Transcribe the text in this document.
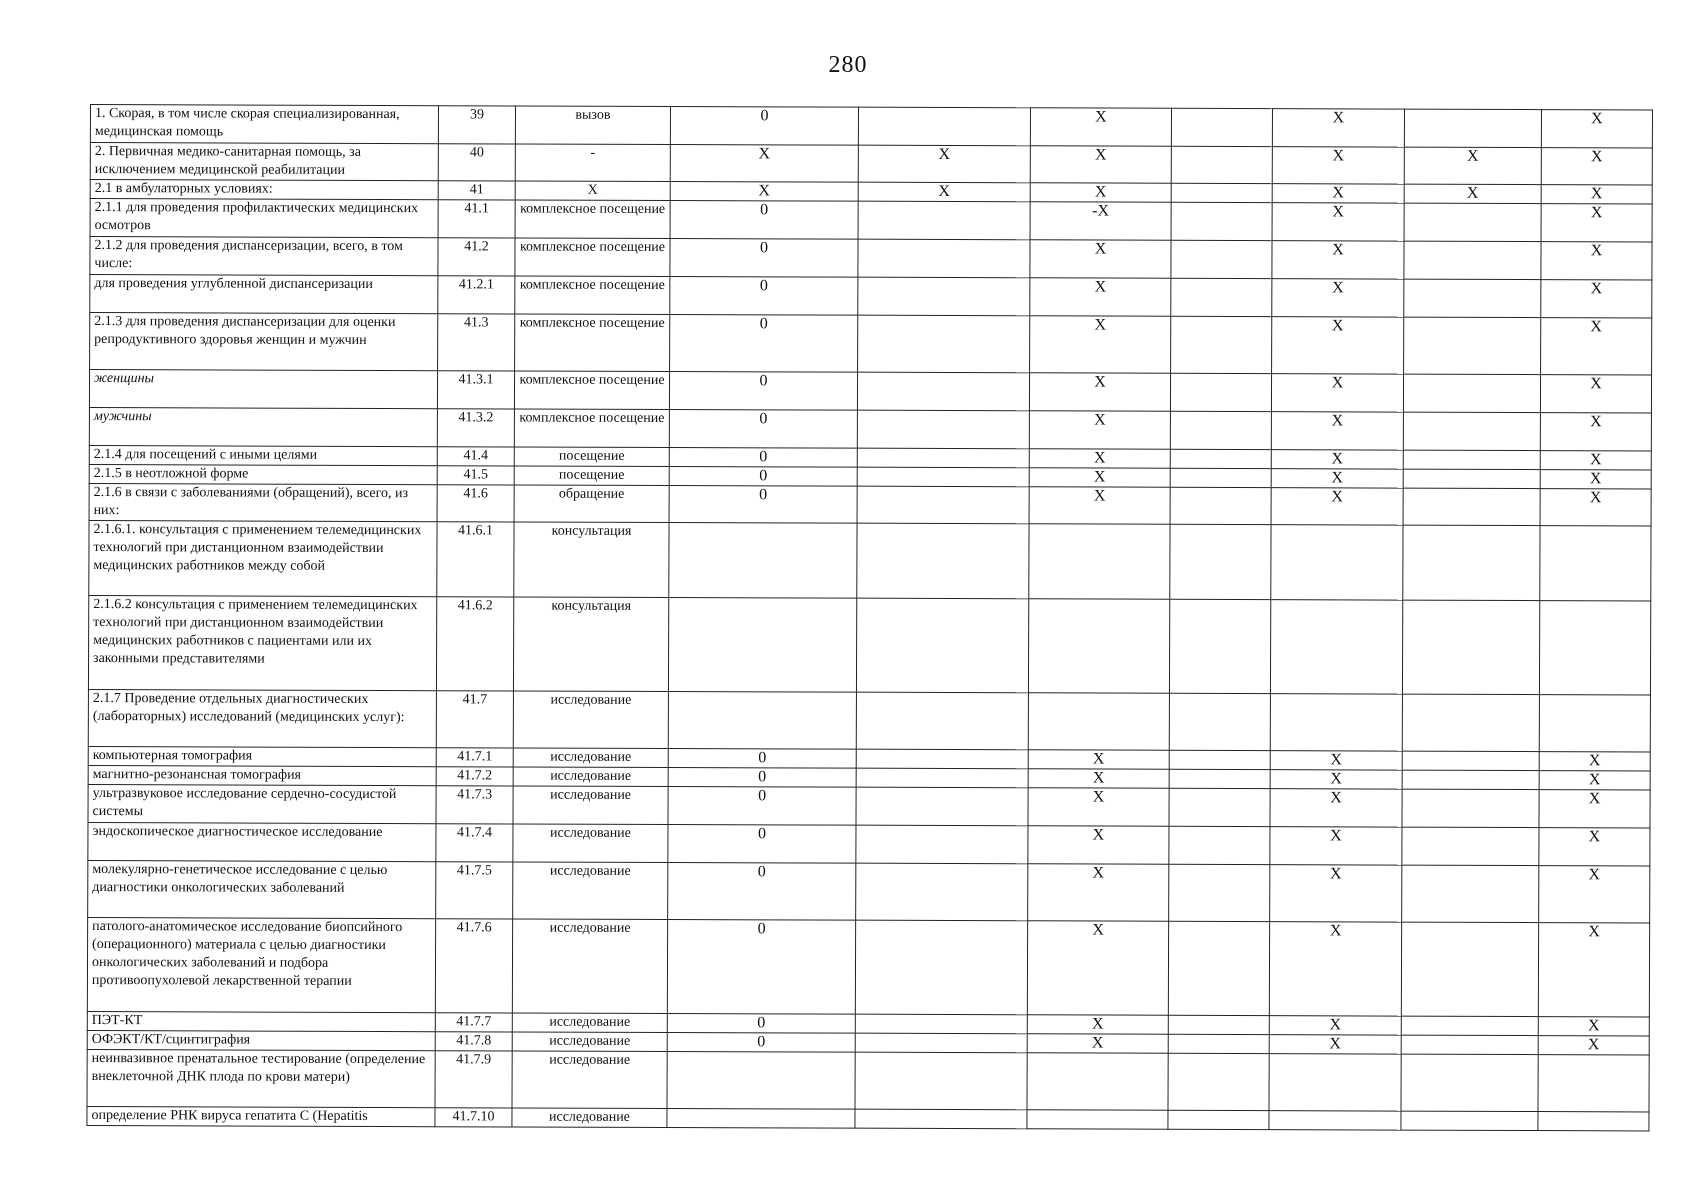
280
1. Скорая, в том числе скорая специализированная, медицинская помощь	39	вызов	0		X		X		X
2. Первичная медико-санитарная помощь, за исключением медицинской реабилитации	40	-	X	X	X		X	X	X
2.1 в амбулаторных условиях:	41	X	X	X	X		X	X	X
2.1.1 для проведения профилактических медицинских осмотров	41.1	комплексное посещение	0		-X		X		X
2.1.2 для проведения диспансеризации, всего, в том числе:	41.2	комплексное посещение	0		X		X		X
для проведения углубленной диспансеризации	41.2.1	комплексное посещение	0		X		X		X
2.1.3 для проведения диспансеризации для оценки репродуктивного здоровья женщин и мужчин	41.3	комплексное посещение	0		X		X		X
женщины	41.3.1	комплексное посещение	0		X		X		X
мужчины	41.3.2	комплексное посещение	0		X		X		X
2.1.4 для посещений с иными целями	41.4	посещение	0		X		X		X
2.1.5 в неотложной форме	41.5	посещение	0		X		X		X
2.1.6 в связи с заболеваниями (обращений), всего, из них:	41.6	обращение	0		X		X		X
2.1.6.1. консультация с применением телемедицинских технологий при дистанционном взаимодействии медицинских работников между собой	41.6.1	консультация							
2.1.6.2 консультация с применением телемедицинских технологий при дистанционном взаимодействии медицинских работников с пациентами или их законными представителями	41.6.2	консультация							
2.1.7 Проведение отдельных диагностических (лабораторных) исследований (медицинских услуг):	41.7	исследование							
компьютерная томография	41.7.1	исследование	0		X		X		X
магнитно-резонансная томография	41.7.2	исследование	0		X		X		X
ультразвуковое исследование сердечно-сосудистой системы	41.7.3	исследование	0		X		X		X
эндоскопическое диагностическое исследование	41.7.4	исследование	0		X		X		X
молекулярно-генетическое исследование с целью диагностики онкологических заболеваний	41.7.5	исследование	0		X		X		X
патолого-анатомическое исследование биопсийного (операционного) материала с целью диагностики онкологических заболеваний и подбора противоопухолевой лекарственной терапии	41.7.6	исследование	0		X		X		X
ПЭТ-КТ	41.7.7	исследование	0		X		X		X
ОФЭКТ/КТ/сцинтиграфия	41.7.8	исследование	0		X		X		X
неинвазивное пренатальное тестирование (определение внеклеточной ДНК плода по крови матери)	41.7.9	исследование							
определение РНК вируса гепатита С (Hepatitis	41.7.10	исследование							
